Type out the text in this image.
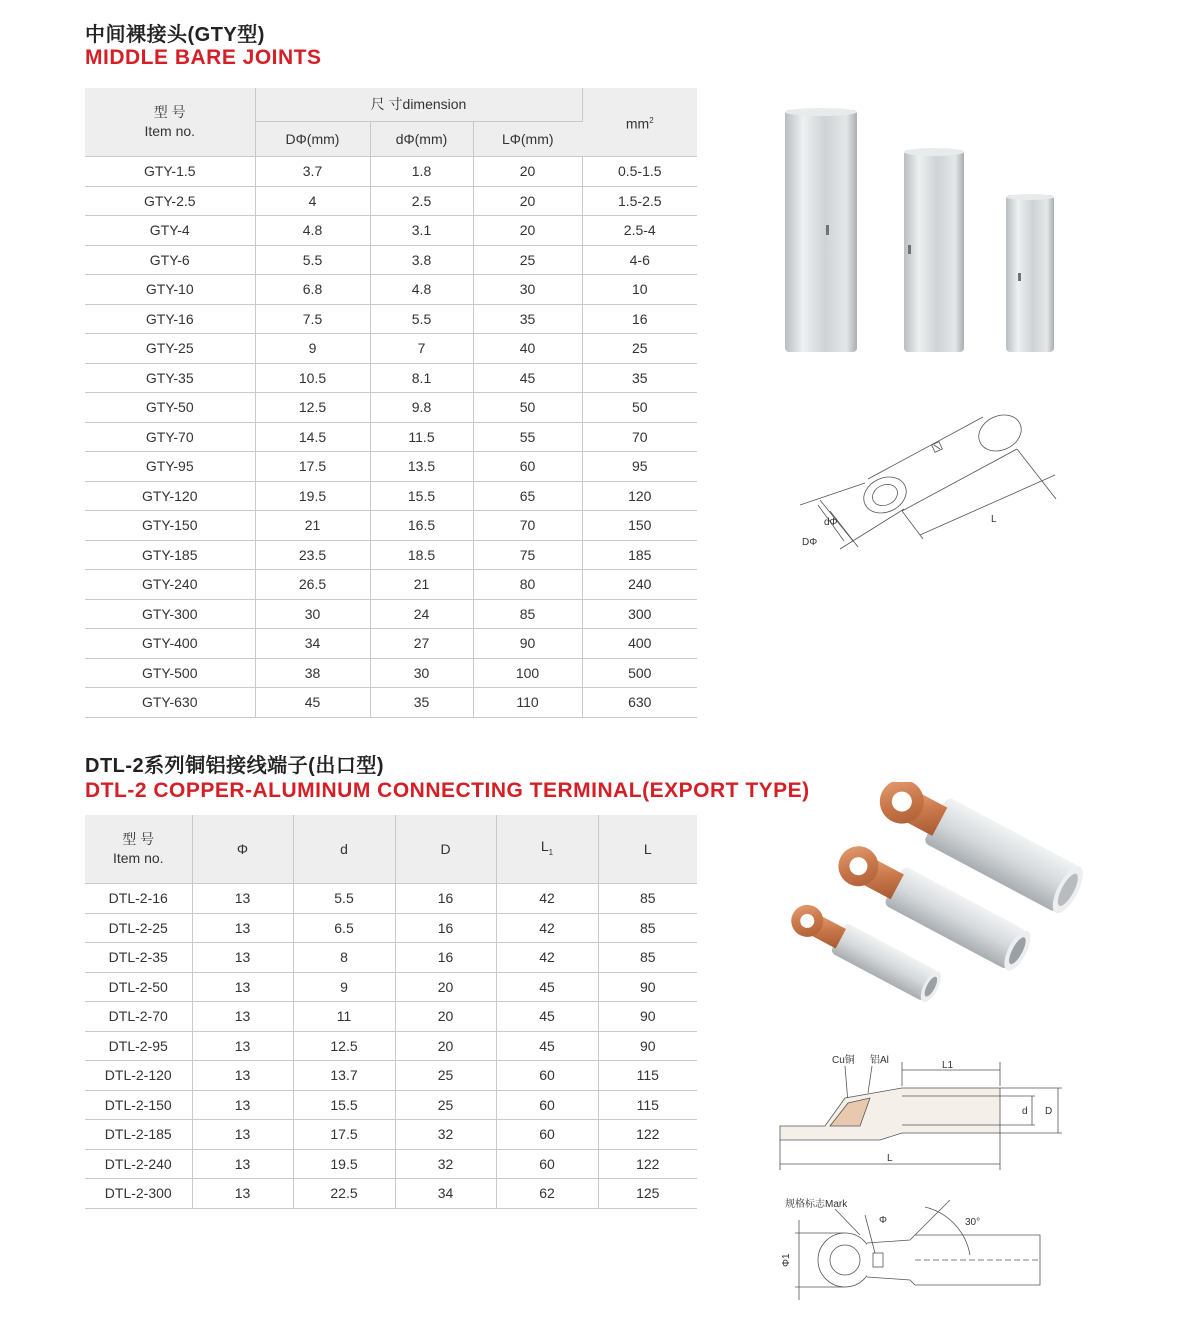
中间裸接头(GTY型)
MIDDLE BARE JOINTS
型 号
Item no.	尺 寸dimension			$mm^2$
	DΦ(mm)	dΦ(mm)	LΦ(mm)	
GTY-1.5	3.7	1.8	20	0.5-1.5
GTY-2.5	4	2.5	20	1.5-2.5
GTY-4	4.8	3.1	20	2.5-4
GTY-6	5.5	3.8	25	4-6
GTY-10	6.8	4.8	30	10
GTY-16	7.5	5.5	35	16
GTY-25	9	7	40	25
GTY-35	10.5	8.1	45	35
GTY-50	12.5	9.8	50	50
GTY-70	14.5	11.5	55	70
GTY-95	17.5	13.5	60	95
GTY-120	19.5	15.5	65	120
GTY-150	21	16.5	70	150
GTY-185	23.5	18.5	75	185
GTY-240	26.5	21	80	240
GTY-300	30	24	85	300
GTY-400	34	27	90	400
GTY-500	38	30	100	500
GTY-630	45	35	110	630
dΦ
DΦ
L
DTL-2系列铜铝接线端子(出口型)
DTL-2 COPPER-ALUMINUM CONNECTING TERMINAL(EXPORT TYPE)
型 号
Item no.	Φ	d	D	$L_1$	L
DTL-2-16	13	5.5	16	42	85
DTL-2-25	13	6.5	16	42	85
DTL-2-35	13	8	16	42	85
DTL-2-50	13	9	20	45	90
DTL-2-70	13	11	20	45	90
DTL-2-95	13	12.5	20	45	90
DTL-2-120	13	13.7	25	60	115
DTL-2-150	13	15.5	25	60	115
DTL-2-185	13	17.5	32	60	122
DTL-2-240	13	19.5	32	60	122
DTL-2-300	13	22.5	34	62	125
Cu铜 铝Al	L1
d D
L
规格标志Mark
Φ	30°
Φ1
